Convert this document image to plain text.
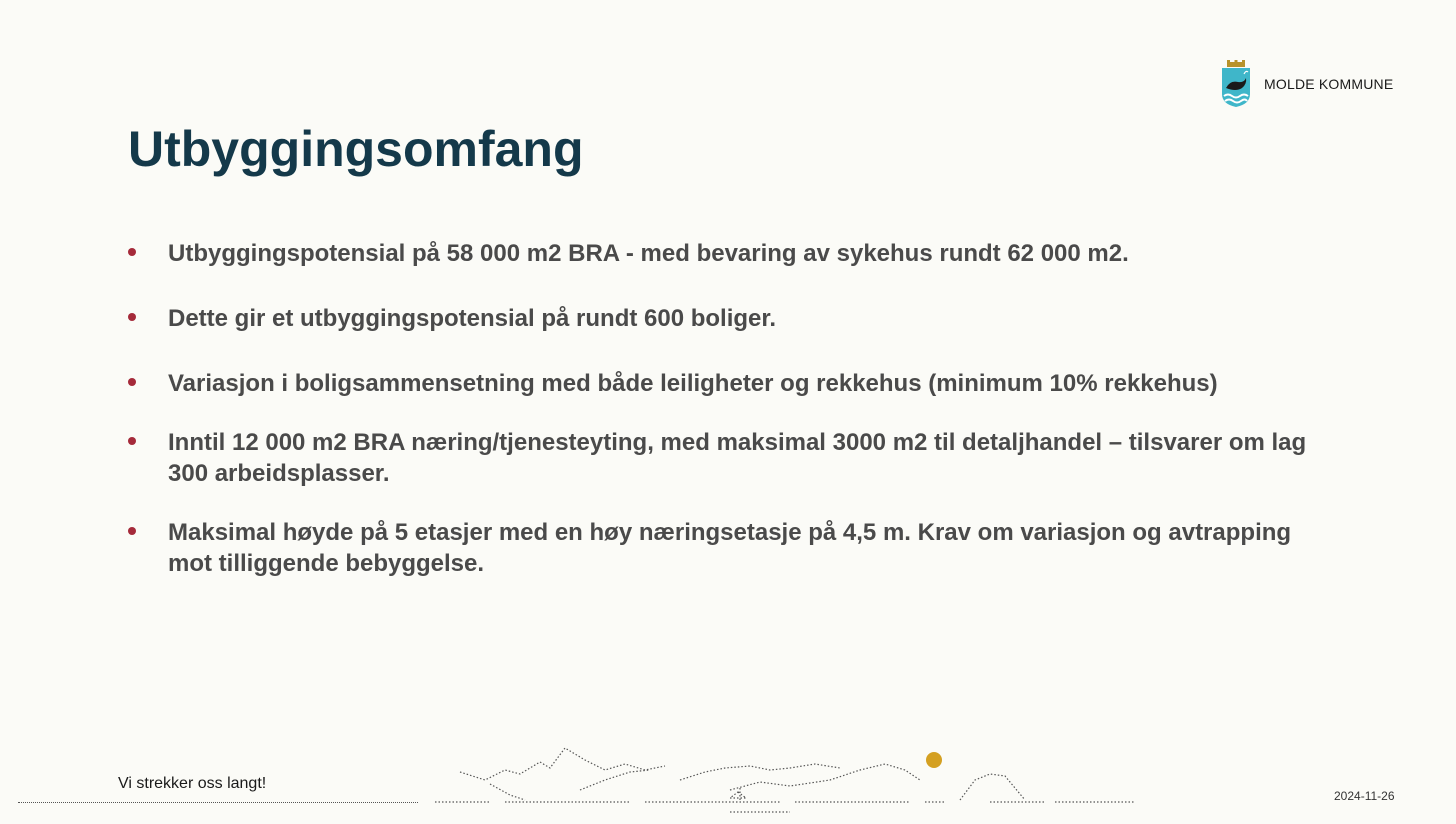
MOLDE KOMMUNE
Utbyggingsomfang
Utbyggingspotensial på 58 000 m2 BRA - med bevaring av sykehus rundt 62 000 m2.
Dette gir et utbyggingspotensial på rundt 600 boliger.
Variasjon i boligsammensetning med både leiligheter og rekkehus (minimum 10% rekkehus)
Inntil 12 000 m2 BRA næring/tjenesteyting, med maksimal 3000 m2 til detaljhandel – tilsvarer om lag 300 arbeidsplasser.
Maksimal høyde på 5 etasjer med en høy næringsetasje på 4,5 m. Krav om variasjon og avtrapping mot tilliggende bebyggelse.
Vi strekker oss langt!
2024-11-26
